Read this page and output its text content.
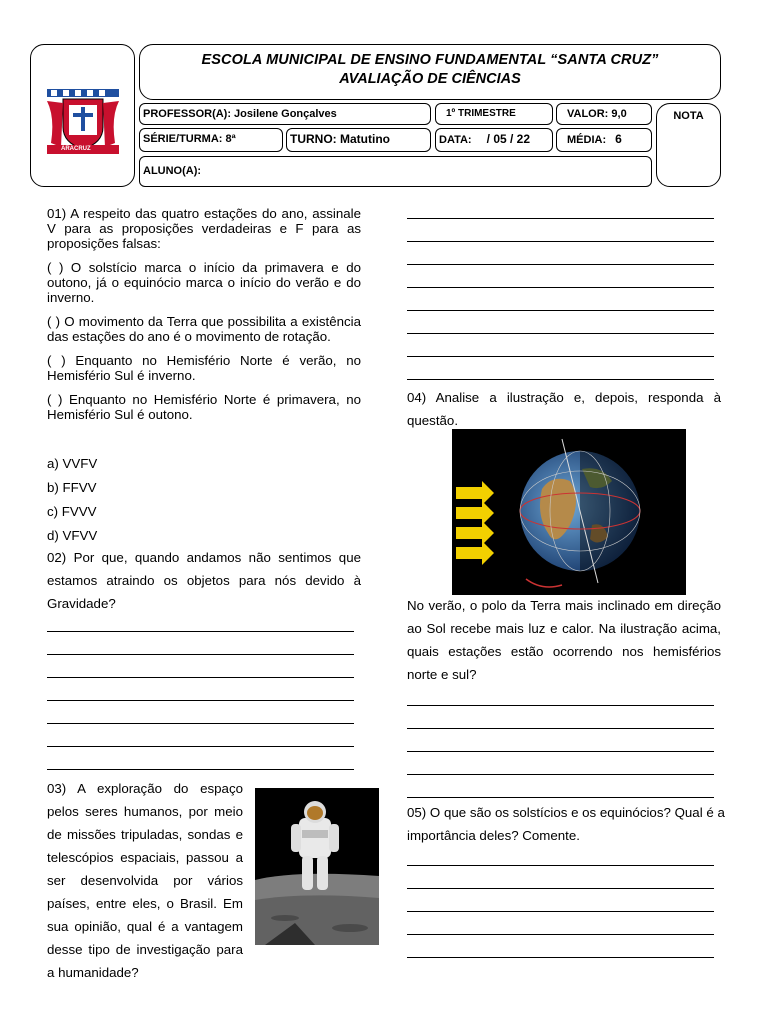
ARACRUZ
ESCOLA MUNICIPAL DE ENSINO FUNDAMENTAL “SANTA CRUZ”
AVALIAÇÃO DE CIÊNCIAS
PROFESSOR(A): Josilene Gonçalves	1º TRIMESTRE	VALOR: 9,0	NOTA
SÉRIE/TURMA: 8ª	TURNO: Matutino	DATA: / 05 / 22	MÉDIA: 6
ALUNO(A):

01) A respeito das quatro estações do ano, assinale V para as proposições verdadeiras e F para as proposições falsas:

( ) O solstício marca o início da primavera e do outono, já o equinócio marca o início do verão e do inverno.

( ) O movimento da Terra que possibilita a existência das estações do ano é o movimento de rotação.

( ) Enquanto no Hemisfério Norte é verão, no Hemisfério Sul é inverno.

( ) Enquanto no Hemisfério Norte é primavera, no Hemisfério Sul é outono.

a) VVFV

b) FFVV

c) FVVV

d) VFVV

02) Por que, quando andamos não sentimos que estamos atraindo os objetos para nós devido à Gravidade?

03) A exploração do espaço pelos seres humanos, por meio de missões tripuladas, sondas e telescópios espaciais, passou a ser desenvolvida por vários países, entre eles, o Brasil. Em sua opinião, qual é a vantagem desse tipo de investigação para a humanidade?

04) Analise a ilustração e, depois, responda à questão.

No verão, o polo da Terra mais inclinado em direção ao Sol recebe mais luz e calor. Na ilustração acima, quais estações estão ocorrendo nos hemisférios norte e sul?

05) O que são os solstícios e os equinócios? Qual é a importância deles? Comente.
